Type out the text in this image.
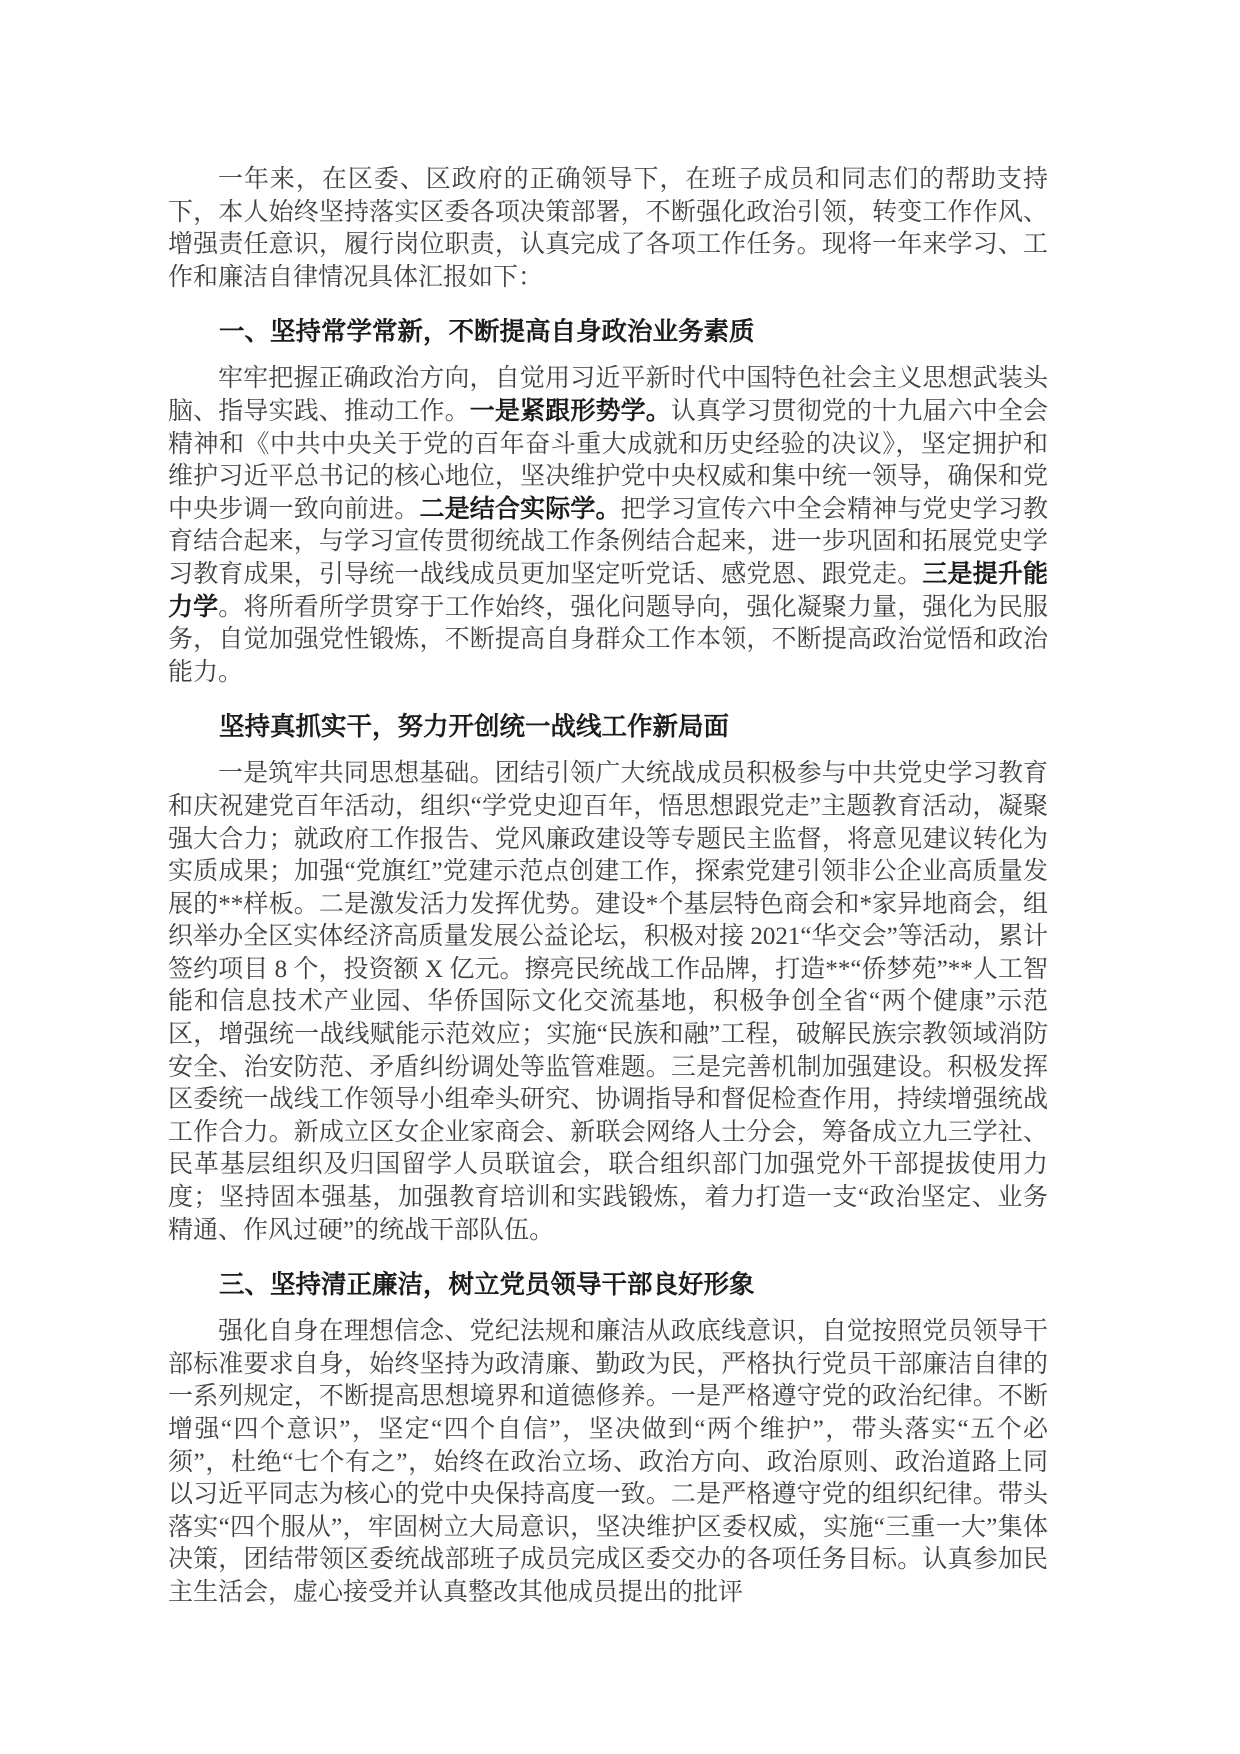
一年来，在区委、区政府的正确领导下，在班子成员和同志们的帮助支持下，本人始终坚持落实区委各项决策部署，不断强化政治引领，转变工作作风、增强责任意识，履行岗位职责，认真完成了各项工作任务。现将一年来学习、工作和廉洁自律情况具体汇报如下：

一、坚持常学常新，不断提高自身政治业务素质

牢牢把握正确政治方向，自觉用习近平新时代中国特色社会主义思想武装头脑、指导实践、推动工作。一是紧跟形势学。认真学习贯彻党的十九届六中全会精神和《中共中央关于党的百年奋斗重大成就和历史经验的决议》，坚定拥护和维护习近平总书记的核心地位，坚决维护党中央权威和集中统一领导，确保和党中央步调一致向前进。二是结合实际学。把学习宣传六中全会精神与党史学习教育结合起来，与学习宣传贯彻统战工作条例结合起来，进一步巩固和拓展党史学习教育成果，引导统一战线成员更加坚定听党话、感党恩、跟党走。三是提升能力学。将所看所学贯穿于工作始终，强化问题导向，强化凝聚力量，强化为民服务，自觉加强党性锻炼，不断提高自身群众工作本领，不断提高政治觉悟和政治能力。

坚持真抓实干，努力开创统一战线工作新局面

一是筑牢共同思想基础。团结引领广大统战成员积极参与中共党史学习教育和庆祝建党百年活动，组织“学党史迎百年，悟思想跟党走”主题教育活动，凝聚强大合力；就政府工作报告、党风廉政建设等专题民主监督，将意见建议转化为实质成果；加强“党旗红”党建示范点创建工作，探索党建引领非公企业高质量发展的**样板。二是激发活力发挥优势。建设*个基层特色商会和*家异地商会，组织举办全区实体经济高质量发展公益论坛，积极对接 2021“华交会”等活动，累计签约项目 8 个，投资额 X 亿元。擦亮民统战工作品牌，打造**“侨梦苑”**人工智能和信息技术产业园、华侨国际文化交流基地，积极争创全省“两个健康”示范区，增强统一战线赋能示范效应；实施“民族和融”工程，破解民族宗教领域消防安全、治安防范、矛盾纠纷调处等监管难题。三是完善机制加强建设。积极发挥区委统一战线工作领导小组牵头研究、协调指导和督促检查作用，持续增强统战工作合力。新成立区女企业家商会、新联会网络人士分会，筹备成立九三学社、民革基层组织及归国留学人员联谊会，联合组织部门加强党外干部提拔使用力度；坚持固本强基，加强教育培训和实践锻炼，着力打造一支“政治坚定、业务精通、作风过硬”的统战干部队伍。

三、坚持清正廉洁，树立党员领导干部良好形象

强化自身在理想信念、党纪法规和廉洁从政底线意识，自觉按照党员领导干部标准要求自身，始终坚持为政清廉、勤政为民，严格执行党员干部廉洁自律的一系列规定，不断提高思想境界和道德修养。一是严格遵守党的政治纪律。不断增强“四个意识”，坚定“四个自信”，坚决做到“两个维护”，带头落实“五个必须”，杜绝“七个有之”，始终在政治立场、政治方向、政治原则、政治道路上同以习近平同志为核心的党中央保持高度一致。二是严格遵守党的组织纪律。带头落实“四个服从”，牢固树立大局意识，坚决维护区委权威，实施“三重一大”集体决策，团结带领区委统战部班子成员完成区委交办的各项任务目标。认真参加民主生活会，虚心接受并认真整改其他成员提出的批评
